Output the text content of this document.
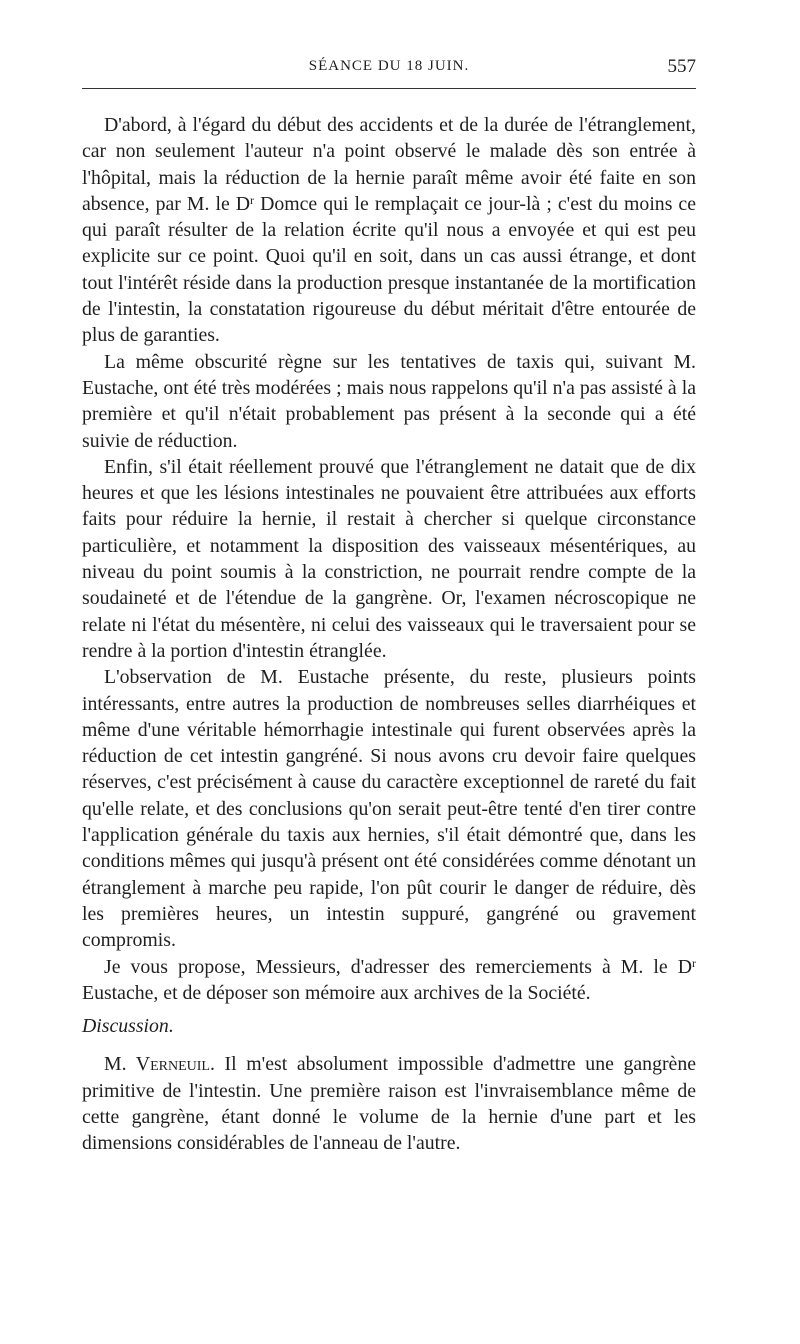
SÉANCE DU 18 JUIN.	557

D'abord, à l'égard du début des accidents et de la durée de l'étranglement, car non seulement l'auteur n'a point observé le malade dès son entrée à l'hôpital, mais la réduction de la hernie paraît même avoir été faite en son absence, par M. le $D^r$ Domce qui le remplaçait ce jour-là ; c'est du moins ce qui paraît résulter de la relation écrite qu'il nous a envoyée et qui est peu explicite sur ce point. Quoi qu'il en soit, dans un cas aussi étrange, et dont tout l'intérêt réside dans la production presque instantanée de la mortification de l'intestin, la constatation rigoureuse du début méritait d'être entourée de plus de garanties.

La même obscurité règne sur les tentatives de taxis qui, suivant M. Eustache, ont été très modérées ; mais nous rappelons qu'il n'a pas assisté à la première et qu'il n'était probablement pas présent à la seconde qui a été suivie de réduction.

Enfin, s'il était réellement prouvé que l'étranglement ne datait que de dix heures et que les lésions intestinales ne pouvaient être attribuées aux efforts faits pour réduire la hernie, il restait à chercher si quelque circonstance particulière, et notamment la disposition des vaisseaux mésentériques, au niveau du point soumis à la constriction, ne pourrait rendre compte de la soudaineté et de l'étendue de la gangrène. Or, l'examen nécroscopique ne relate ni l'état du mésentère, ni celui des vaisseaux qui le traversaient pour se rendre à la portion d'intestin étranglée.

L'observation de M. Eustache présente, du reste, plusieurs points intéressants, entre autres la production de nombreuses selles diarrhéiques et même d'une véritable hémorrhagie intestinale qui furent observées après la réduction de cet intestin gangréné. Si nous avons cru devoir faire quelques réserves, c'est précisément à cause du caractère exceptionnel de rareté du fait qu'elle relate, et des conclusions qu'on serait peut-être tenté d'en tirer contre l'application générale du taxis aux hernies, s'il était démontré que, dans les conditions mêmes qui jusqu'à présent ont été considérées comme dénotant un étranglement à marche peu rapide, l'on pût courir le danger de réduire, dès les premières heures, un intestin suppuré, gangréné ou gravement compromis.

Je vous propose, Messieurs, d'adresser des remerciements à M. le $D^r$ Eustache, et de déposer son mémoire aux archives de la Société.

Discussion.

M. Verneuil. Il m'est absolument impossible d'admettre une gangrène primitive de l'intestin. Une première raison est l'invraisemblance même de cette gangrène, étant donné le volume de la hernie d'une part et les dimensions considérables de l'anneau de l'autre.
